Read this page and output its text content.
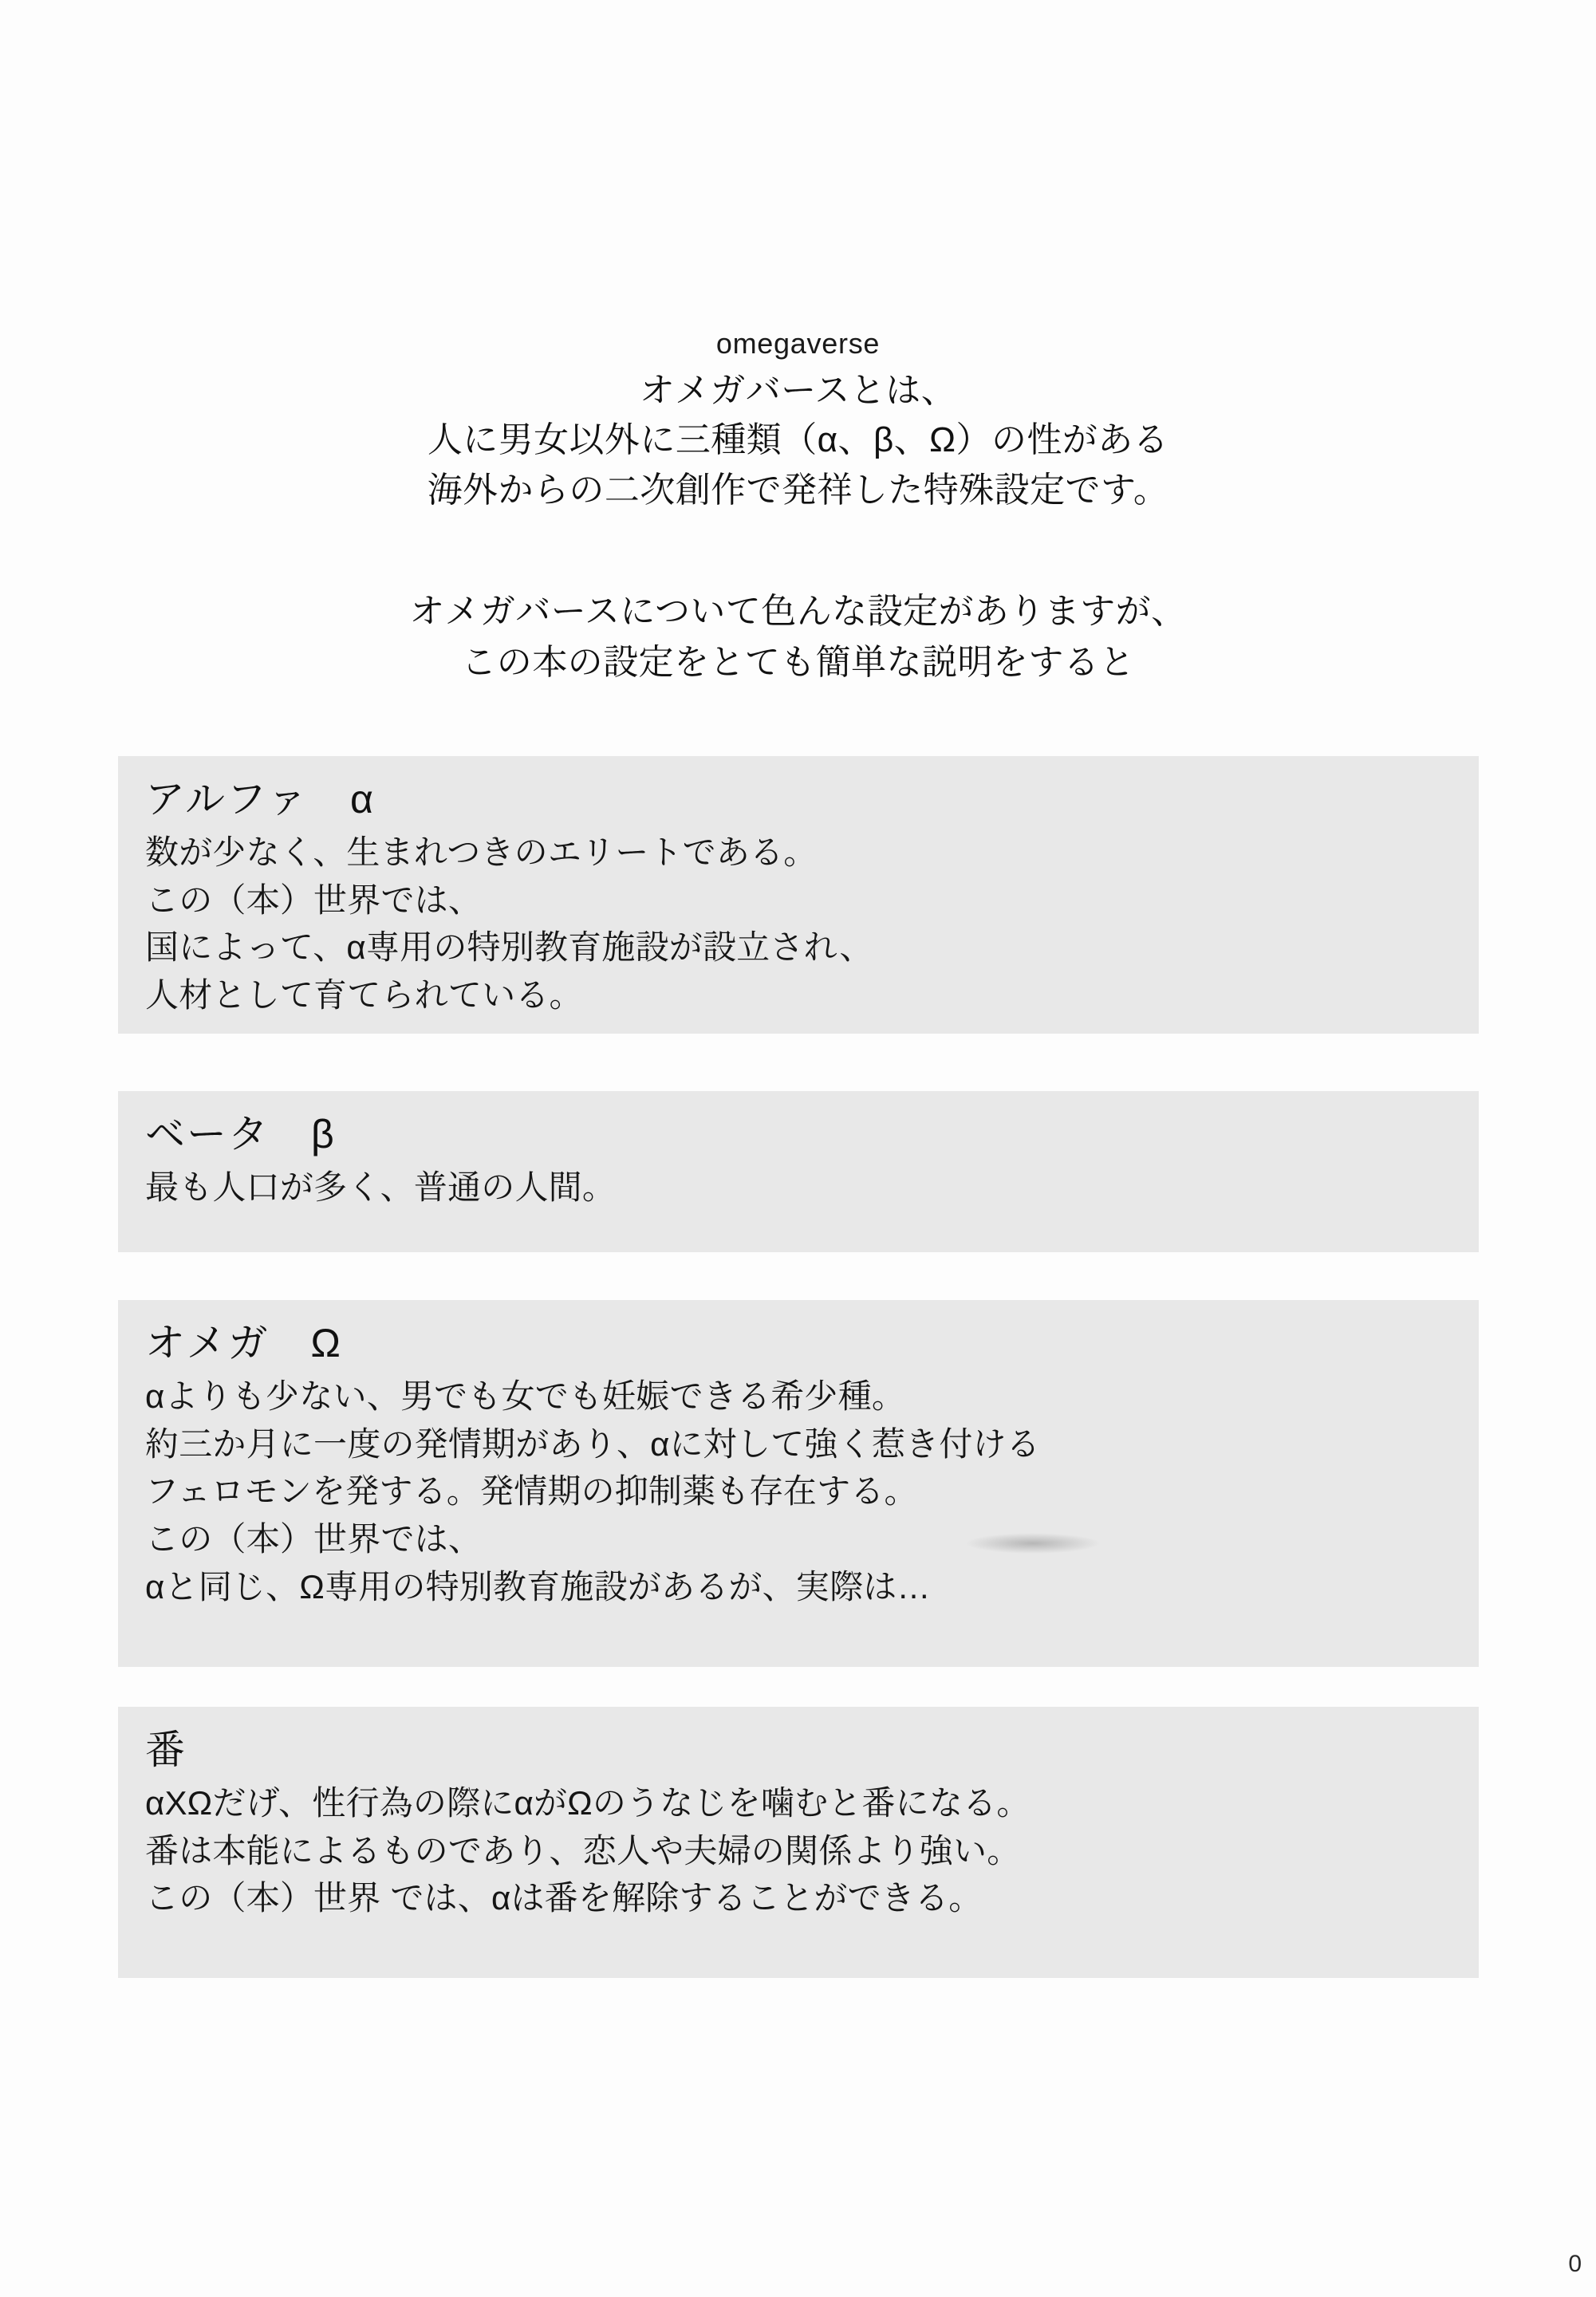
omegaverse
オメガバースとは、
人に男女以外に三種類（α、β、Ω）の性がある
海外からの二次創作で発祥した特殊設定です。
オメガバースについて色んな設定がありますが、
この本の設定をとても簡単な説明をすると
アルファ　α
数が少なく、生まれつきのエリートである。
この（本）世界では、
国によって、α専用の特別教育施設が設立され、
人材として育てられている。
ベータ　β
最も人口が多く、普通の人間。
オメガ　Ω
αよりも少ない、男でも女でも妊娠できる希少種。
約三か月に一度の発情期があり、αに対して強く惹き付ける
フェロモンを発する。発情期の抑制薬も存在する。
この（本）世界では、
αと同じ、Ω専用の特別教育施設があるが、実際は…
番
αXΩだげ、性行為の際にαがΩのうなじを噛むと番になる。
番は本能によるものであり、恋人や夫婦の関係より強い。
この（本）世界 では、αは番を解除することができる。
0
